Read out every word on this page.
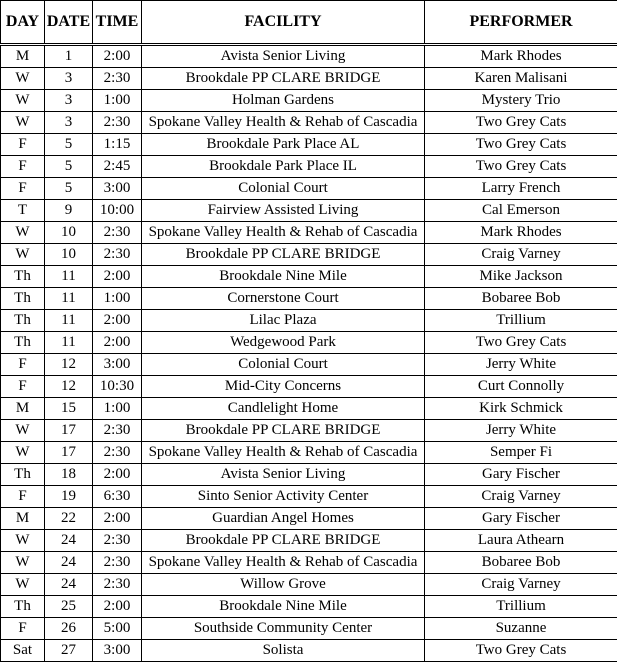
DAY	DATE	TIME	FACILITY	PERFORMER
M	1	2:00	Avista Senior Living	Mark Rhodes
W	3	2:30	Brookdale PP CLARE BRIDGE	Karen Malisani
W	3	1:00	Holman Gardens	Mystery Trio
W	3	2:30	Spokane Valley Health & Rehab of Cascadia	Two Grey Cats
F	5	1:15	Brookdale Park Place AL	Two Grey Cats
F	5	2:45	Brookdale Park Place IL	Two Grey Cats
F	5	3:00	Colonial Court	Larry French
T	9	10:00	Fairview Assisted Living	Cal Emerson
W	10	2:30	Spokane Valley Health & Rehab of Cascadia	Mark Rhodes
W	10	2:30	Brookdale PP CLARE BRIDGE	Craig Varney
Th	11	2:00	Brookdale Nine Mile	Mike Jackson
Th	11	1:00	Cornerstone Court	Bobaree Bob
Th	11	2:00	Lilac Plaza	Trillium
Th	11	2:00	Wedgewood Park	Two Grey Cats
F	12	3:00	Colonial Court	Jerry White
F	12	10:30	Mid-City Concerns	Curt Connolly
M	15	1:00	Candlelight Home	Kirk Schmick
W	17	2:30	Brookdale PP CLARE BRIDGE	Jerry White
W	17	2:30	Spokane Valley Health & Rehab of Cascadia	Semper Fi
Th	18	2:00	Avista Senior Living	Gary Fischer
F	19	6:30	Sinto Senior Activity Center	Craig Varney
M	22	2:00	Guardian Angel Homes	Gary Fischer
W	24	2:30	Brookdale PP CLARE BRIDGE	Laura Athearn
W	24	2:30	Spokane Valley Health & Rehab of Cascadia	Bobaree Bob
W	24	2:30	Willow Grove	Craig Varney
Th	25	2:00	Brookdale Nine Mile	Trillium
F	26	5:00	Southside Community Center	Suzanne
Sat	27	3:00	Solista	Two Grey Cats
